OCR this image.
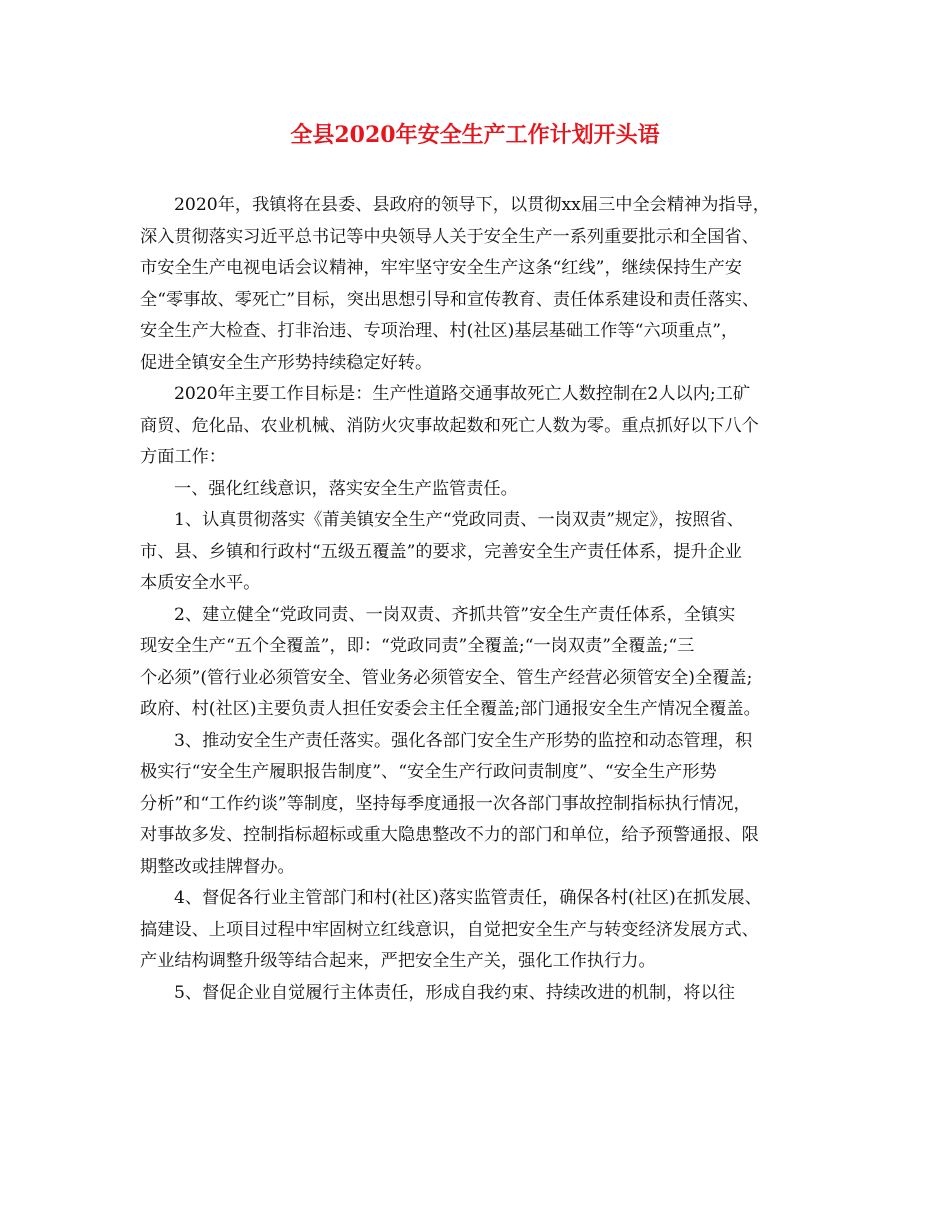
全县2020年安全生产工作计划开头语

2020年，我镇将在县委、县政府的领导下，以贯彻xx届三中全会精神为指导，
深入贯彻落实习近平总书记等中央领导人关于安全生产一系列重要批示和全国省、
市安全生产电视电话会议精神，牢牢坚守安全生产这条“红线”，继续保持生产安
全“零事故、零死亡”目标，突出思想引导和宣传教育、责任体系建设和责任落实、
安全生产大检查、打非治违、专项治理、村(社区)基层基础工作等“六项重点”，
促进全镇安全生产形势持续稳定好转。

2020年主要工作目标是：生产性道路交通事故死亡人数控制在2人以内;工矿
商贸、危化品、农业机械、消防火灾事故起数和死亡人数为零。重点抓好以下八个
方面工作：

一、强化红线意识，落实安全生产监管责任。

1、认真贯彻落实《莆美镇安全生产“党政同责、一岗双责”规定》，按照省、
市、县、乡镇和行政村“五级五覆盖”的要求，完善安全生产责任体系，提升企业
本质安全水平。

2、建立健全“党政同责、一岗双责、齐抓共管”安全生产责任体系，全镇实
现安全生产“五个全覆盖”，即：“党政同责”全覆盖;“一岗双责”全覆盖;“三
个必须”(管行业必须管安全、管业务必须管安全、管生产经营必须管安全)全覆盖;
政府、村(社区)主要负责人担任安委会主任全覆盖;部门通报安全生产情况全覆盖。

3、推动安全生产责任落实。强化各部门安全生产形势的监控和动态管理，积
极实行“安全生产履职报告制度”、“安全生产行政问责制度”、“安全生产形势
分析”和“工作约谈”等制度，坚持每季度通报一次各部门事故控制指标执行情况，
对事故多发、控制指标超标或重大隐患整改不力的部门和单位，给予预警通报、限
期整改或挂牌督办。

4、督促各行业主管部门和村(社区)落实监管责任，确保各村(社区)在抓发展、
搞建设、上项目过程中牢固树立红线意识，自觉把安全生产与转变经济发展方式、
产业结构调整升级等结合起来，严把安全生产关，强化工作执行力。

5、督促企业自觉履行主体责任，形成自我约束、持续改进的机制，将以往
